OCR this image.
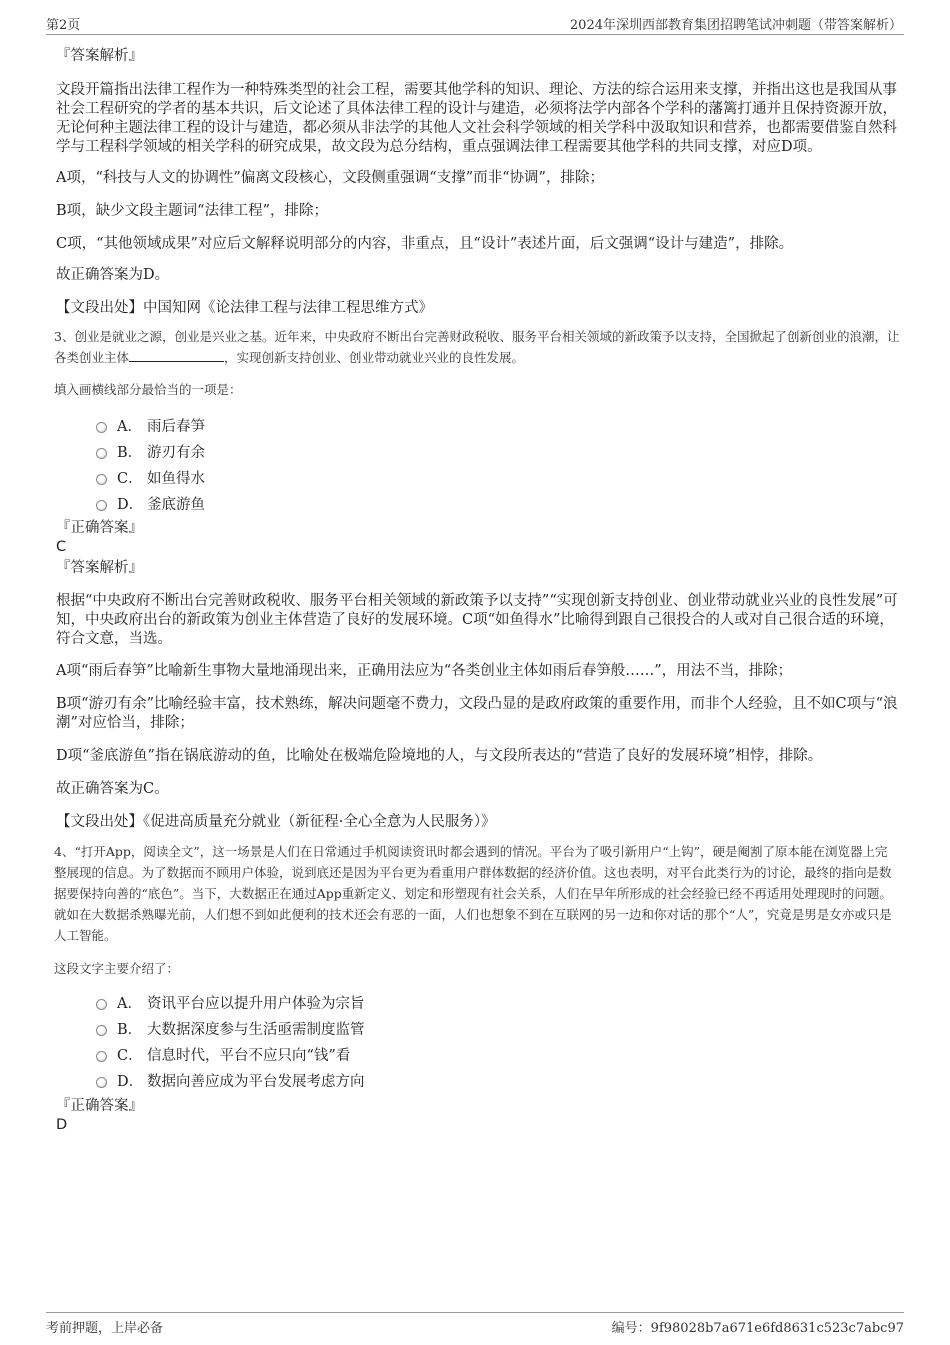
第2页	2024年深圳西部教育集团招聘笔试冲刺题（带答案解析）

『答案解析』

文段开篇指出法律工程作为一种特殊类型的社会工程，需要其他学科的知识、理论、方法的综合运用来支撑，并指出这也是我国从事社会工程研究的学者的基本共识，后文论述了具体法律工程的设计与建造，必须将法学内部各个学科的藩篱打通并且保持资源开放，无论何种主题法律工程的设计与建造，都必须从非法学的其他人文社会科学领域的相关学科中汲取知识和营养，也都需要借鉴自然科学与工程科学领域的相关学科的研究成果，故文段为总分结构，重点强调法律工程需要其他学科的共同支撑，对应D项。

A项，“科技与人文的协调性”偏离文段核心，文段侧重强调“支撑”而非“协调”，排除；

B项，缺少文段主题词“法律工程”，排除；

C项，“其他领域成果”对应后文解释说明部分的内容，非重点，且“设计”表述片面，后文强调“设计与建造”，排除。

故正确答案为D。

【文段出处】中国知网《论法律工程与法律工程思维方式》

3、创业是就业之源，创业是兴业之基。近年来，中央政府不断出台完善财政税收、服务平台相关领域的新政策予以支持，全国掀起了创新创业的浪潮，让各类创业主体	，实现创新支持创业、创业带动就业兴业的良性发展。

填入画横线部分最恰当的一项是：

A． 雨后春笋
B． 游刃有余
C． 如鱼得水
D． 釜底游鱼

『正确答案』

C

『答案解析』

根据“中央政府不断出台完善财政税收、服务平台相关领域的新政策予以支持”“实现创新支持创业、创业带动就业兴业的良性发展”可知，中央政府出台的新政策为创业主体营造了良好的发展环境。C项“如鱼得水”比喻得到跟自己很投合的人或对自己很合适的环境，符合文意，当选。

A项“雨后春笋”比喻新生事物大量地涌现出来，正确用法应为“各类创业主体如雨后春笋般……”，用法不当，排除；

B项“游刃有余”比喻经验丰富，技术熟练，解决问题毫不费力，文段凸显的是政府政策的重要作用，而非个人经验，且不如C项与“浪潮”对应恰当，排除；

D项“釜底游鱼”指在锅底游动的鱼，比喻处在极端危险境地的人，与文段所表达的“营造了良好的发展环境”相悖，排除。

故正确答案为C。

【文段出处】《促进高质量充分就业（新征程·全心全意为人民服务）》

4、“打开App，阅读全文”，这一场景是人们在日常通过手机阅读资讯时都会遇到的情况。平台为了吸引新用户“上钩”，硬是阉割了原本能在浏览器上完整展现的信息。为了数据而不顾用户体验，说到底还是因为平台更为看重用户群体数据的经济价值。这也表明，对平台此类行为的讨论，最终的指向是数据要保持向善的“底色”。当下，大数据正在通过App重新定义、划定和形塑现有社会关系，人们在早年所形成的社会经验已经不再适用处理现时的问题。就如在大数据杀熟曝光前，人们想不到如此便利的技术还会有恶的一面，人们也想象不到在互联网的另一边和你对话的那个“人”，究竟是男是女亦或只是人工智能。

这段文字主要介绍了：

A． 资讯平台应以提升用户体验为宗旨
B． 大数据深度参与生活亟需制度监管
C． 信息时代，平台不应只向“钱”看
D． 数据向善应成为平台发展考虑方向

『正确答案』

D

考前押题，上岸必备	编号：9f98028b7a671e6fd8631c523c7abc97
